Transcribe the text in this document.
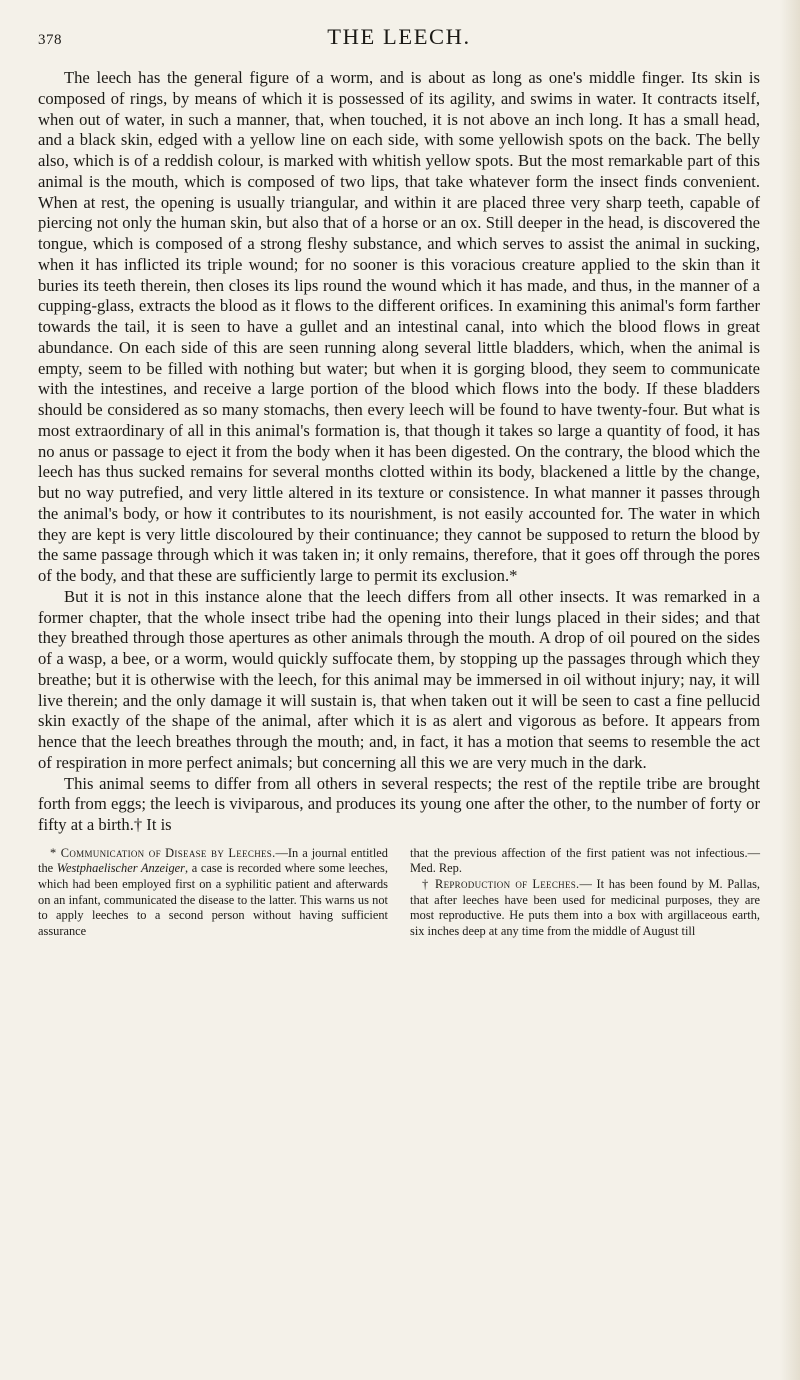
378	THE LEECH.

The leech has the general figure of a worm, and is about as long as one's middle finger. Its skin is composed of rings, by means of which it is possessed of its agility, and swims in water. It contracts itself, when out of water, in such a manner, that, when touched, it is not above an inch long. It has a small head, and a black skin, edged with a yellow line on each side, with some yellowish spots on the back. The belly also, which is of a reddish colour, is marked with whitish yellow spots. But the most remarkable part of this animal is the mouth, which is composed of two lips, that take whatever form the insect finds convenient. When at rest, the opening is usually triangular, and within it are placed three very sharp teeth, capable of piercing not only the human skin, but also that of a horse or an ox. Still deeper in the head, is discovered the tongue, which is composed of a strong fleshy substance, and which serves to assist the animal in sucking, when it has inflicted its triple wound; for no sooner is this voracious creature applied to the skin than it buries its teeth therein, then closes its lips round the wound which it has made, and thus, in the manner of a cupping-glass, extracts the blood as it flows to the different orifices. In examining this animal's form farther towards the tail, it is seen to have a gullet and an intestinal canal, into which the blood flows in great abundance. On each side of this are seen running along several little bladders, which, when the animal is empty, seem to be filled with nothing but water; but when it is gorging blood, they seem to communicate with the intestines, and receive a large portion of the blood which flows into the body. If these bladders should be considered as so many stomachs, then every leech will be found to have twenty-four. But what is most extraordinary of all in this animal's formation is, that though it takes so large a quantity of food, it has no anus or passage to eject it from the body when it has been digested. On the contrary, the blood which the leech has thus sucked remains for several months clotted within its body, blackened a little by the change, but no way putrefied, and very little altered in its texture or consistence. In what manner it passes through the animal's body, or how it contributes to its nourishment, is not easily accounted for. The water in which they are kept is very little discoloured by their continuance; they cannot be supposed to return the blood by the same passage through which it was taken in; it only remains, therefore, that it goes off through the pores of the body, and that these are sufficiently large to permit its exclusion.*

But it is not in this instance alone that the leech differs from all other insects. It was remarked in a former chapter, that the whole insect tribe had the opening into their lungs placed in their sides; and that they breathed through those apertures as other animals through the mouth. A drop of oil poured on the sides of a wasp, a bee, or a worm, would quickly suffocate them, by stopping up the passages through which they breathe; but it is otherwise with the leech, for this animal may be immersed in oil without injury; nay, it will live therein; and the only damage it will sustain is, that when taken out it will be seen to cast a fine pellucid skin exactly of the shape of the animal, after which it is as alert and vigorous as before. It appears from hence that the leech breathes through the mouth; and, in fact, it has a motion that seems to resemble the act of respiration in more perfect animals; but concerning all this we are very much in the dark.

This animal seems to differ from all others in several respects; the rest of the reptile tribe are brought forth from eggs; the leech is viviparous, and produces its young one after the other, to the number of forty or fifty at a birth.† It is

* Communication of Disease by Leeches.—In a journal entitled the Westphaelischer Anzeiger, a case is recorded where some leeches, which had been employed first on a syphilitic patient and afterwards on an infant, communicated the disease to the latter. This warns us not to apply leeches to a second person without having sufficient assurance

that the previous affection of the first patient was not infectious.—Med. Rep.

† Reproduction of Leeches.— It has been found by M. Pallas, that after leeches have been used for medicinal purposes, they are most reproductive. He puts them into a box with argillaceous earth, six inches deep at any time from the middle of August till
